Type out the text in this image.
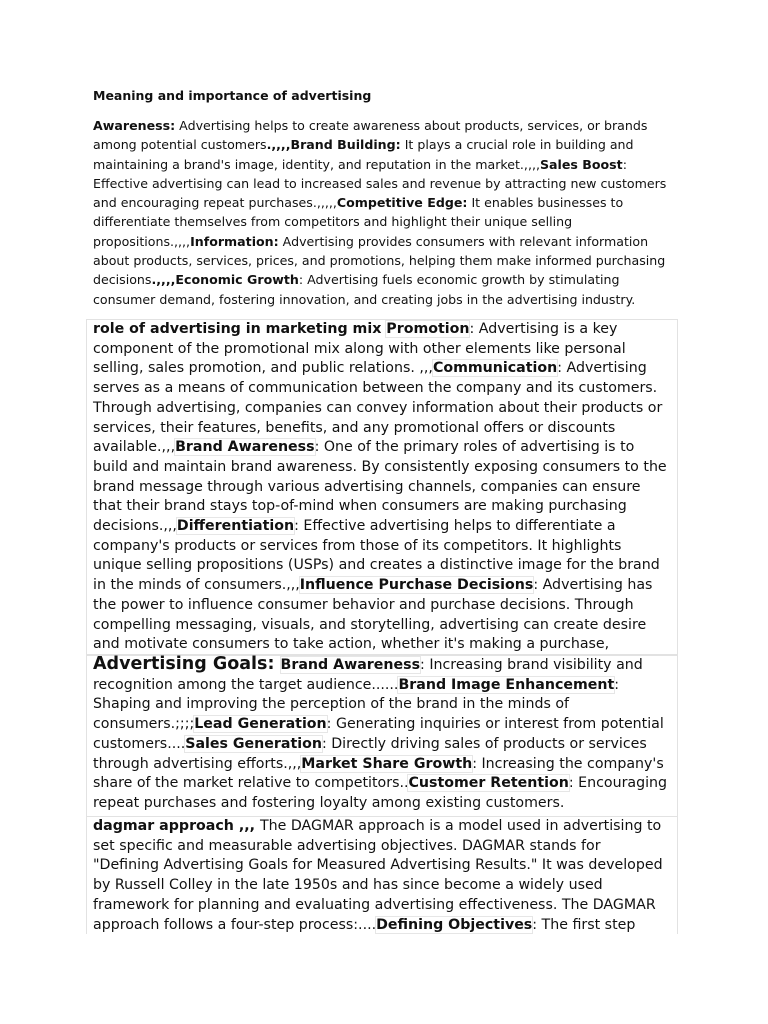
Meaning and importance of advertising
Awareness: Advertising helps to create awareness about products, services, or brands among potential customers.,,,,Brand Building: It plays a crucial role in building and maintaining a brand's image, identity, and reputation in the market.,,,,Sales Boost: Effective advertising can lead to increased sales and revenue by attracting new customers and encouraging repeat purchases.,,,,,Competitive Edge: It enables businesses to differentiate themselves from competitors and highlight their unique selling propositions.,,,,Information: Advertising provides consumers with relevant information about products, services, prices, and promotions, helping them make informed purchasing decisions.,,,,Economic Growth: Advertising fuels economic growth by stimulating consumer demand, fostering innovation, and creating jobs in the advertising industry.

role of advertising in marketing mix Promotion: Advertising is a key component of the promotional mix along with other elements like personal selling, sales promotion, and public relations. ,,,Communication: Advertising serves as a means of communication between the company and its customers. Through advertising, companies can convey information about their products or services, their features, benefits, and any promotional offers or discounts available.,,,Brand Awareness: One of the primary roles of advertising is to build and maintain brand awareness. By consistently exposing consumers to the brand message through various advertising channels, companies can ensure that their brand stays top-of-mind when consumers are making purchasing decisions.,,,Differentiation: Effective advertising helps to differentiate a company's products or services from those of its competitors. It highlights unique selling propositions (USPs) and creates a distinctive image for the brand in the minds of consumers.,,,Influence Purchase Decisions: Advertising has the power to influence consumer behavior and purchase decisions. Through compelling messaging, visuals, and storytelling, advertising can create desire and motivate consumers to take action, whether it's making a purchase,

Advertising Goals: Brand Awareness: Increasing brand visibility and recognition among the target audience......Brand Image Enhancement: Shaping and improving the perception of the brand in the minds of consumers.;;;;Lead Generation: Generating inquiries or interest from potential customers....Sales Generation: Directly driving sales of products or services through advertising efforts.,,,Market Share Growth: Increasing the company's share of the market relative to competitors..Customer Retention: Encouraging repeat purchases and fostering loyalty among existing customers.

dagmar approach ,,, The DAGMAR approach is a model used in advertising to set specific and measurable advertising objectives. DAGMAR stands for "Defining Advertising Goals for Measured Advertising Results." It was developed by Russell Colley in the late 1950s and has since become a widely used framework for planning and evaluating advertising effectiveness. The DAGMAR approach follows a four-step process:....Defining Objectives: The first step
